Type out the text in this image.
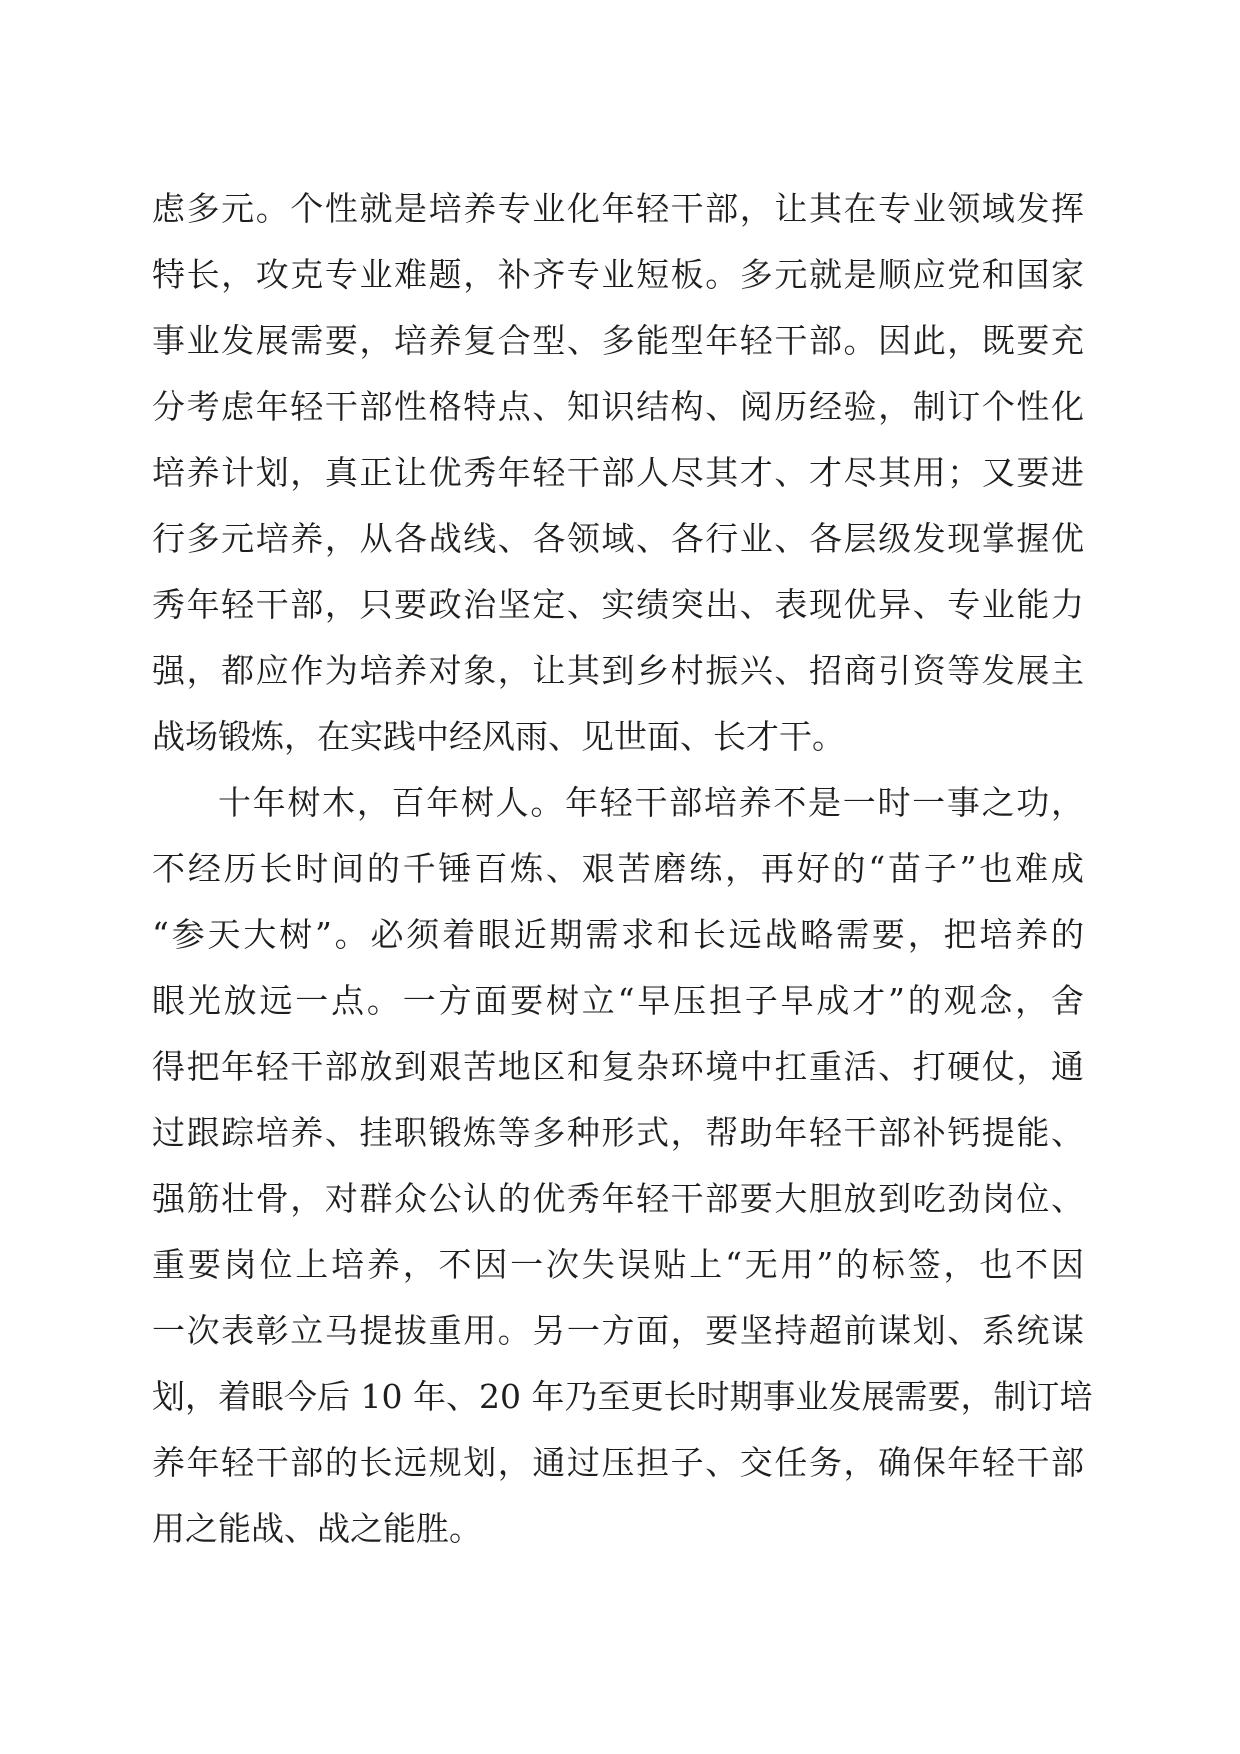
虑多元。个性就是培养专业化年轻干部，让其在专业领域发挥
特长，攻克专业难题，补齐专业短板。多元就是顺应党和国家
事业发展需要，培养复合型、多能型年轻干部。因此，既要充
分考虑年轻干部性格特点、知识结构、阅历经验，制订个性化
培养计划，真正让优秀年轻干部人尽其才、才尽其用；又要进
行多元培养，从各战线、各领域、各行业、各层级发现掌握优
秀年轻干部，只要政治坚定、实绩突出、表现优异、专业能力
强，都应作为培养对象，让其到乡村振兴、招商引资等发展主
战场锻炼，在实践中经风雨、见世面、长才干。
十年树木，百年树人。年轻干部培养不是一时一事之功，
不经历长时间的千锤百炼、艰苦磨练，再好的“苗子”也难成
“参天大树”。必须着眼近期需求和长远战略需要，把培养的
眼光放远一点。一方面要树立“早压担子早成才”的观念，舍
得把年轻干部放到艰苦地区和复杂环境中扛重活、打硬仗，通
过跟踪培养、挂职锻炼等多种形式，帮助年轻干部补钙提能、
强筋壮骨，对群众公认的优秀年轻干部要大胆放到吃劲岗位、
重要岗位上培养，不因一次失误贴上“无用”的标签，也不因
一次表彰立马提拔重用。另一方面，要坚持超前谋划、系统谋
划，着眼今后 10 年、20 年乃至更长时期事业发展需要，制订培
养年轻干部的长远规划，通过压担子、交任务，确保年轻干部
用之能战、战之能胜。
